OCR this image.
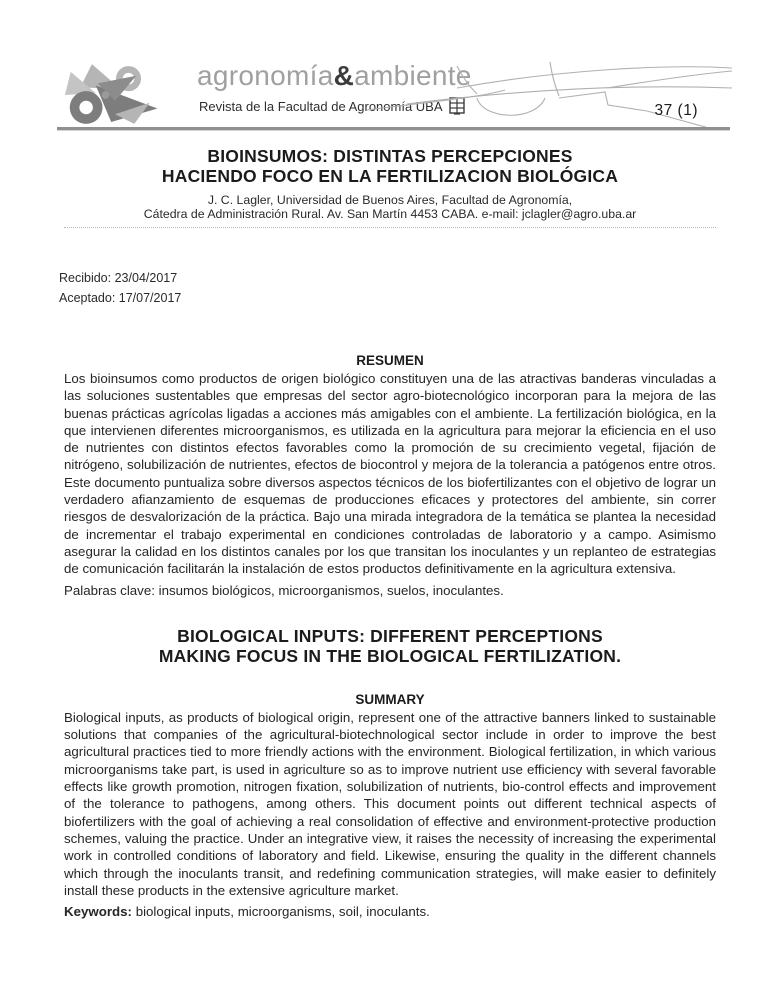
agronomía&ambiente
Revista de la Facultad de Agronomía UBA	37 (1)
BIOINSUMOS: DISTINTAS PERCEPCIONES
HACIENDO FOCO EN LA FERTILIZACION BIOLÓGICA
J. C. Lagler, Universidad de Buenos Aires, Facultad de Agronomía,
Cátedra de Administración Rural. Av. San Martín 4453 CABA. e-mail: jclagler@agro.uba.ar
Recibido: 23/04/2017
Aceptado: 17/07/2017
RESUMEN

Los bioinsumos como productos de origen biológico constituyen una de las atractivas banderas vinculadas a las soluciones sustentables que empresas del sector agro-biotecnológico incorporan para la mejora de las buenas prácticas agrícolas ligadas a acciones más amigables con el ambiente. La fertilización biológica, en la que intervienen diferentes microorganismos, es utilizada en la agricultura para mejorar la eficiencia en el uso de nutrientes con distintos efectos favorables como la promoción de su crecimiento vegetal, fijación de nitrógeno, solubilización de nutrientes, efectos de biocontrol y mejora de la tolerancia a patógenos entre otros. Este documento puntualiza sobre diversos aspectos técnicos de los biofertilizantes con el objetivo de lograr un verdadero afianzamiento de esquemas de producciones eficaces y protectores del ambiente, sin correr riesgos de desvalorización de la práctica. Bajo una mirada integradora de la temática se plantea la necesidad de incrementar el trabajo experimental en condiciones controladas de laboratorio y a campo. Asimismo asegurar la calidad en los distintos canales por los que transitan los inoculantes y un replanteo de estrategias de comunicación facilitarán la instalación de estos productos definitivamente en la agricultura extensiva.

Palabras clave: insumos biológicos, microorganismos, suelos, inoculantes.
BIOLOGICAL INPUTS: DIFFERENT PERCEPTIONS
MAKING FOCUS IN THE BIOLOGICAL FERTILIZATION.
SUMMARY

Biological inputs, as products of biological origin, represent one of the attractive banners linked to sustainable solutions that companies of the agricultural-biotechnological sector include in order to improve the best agricultural practices tied to more friendly actions with the environment. Biological fertilization, in which various microorganisms take part, is used in agriculture so as to improve nutrient use efficiency with several favorable effects like growth promotion, nitrogen fixation, solubilization of nutrients, bio-control effects and improvement of the tolerance to pathogens, among others. This document points out different technical aspects of biofertilizers with the goal of achieving a real consolidation of effective and environment-protective production schemes, valuing the practice. Under an integrative view, it raises the necessity of increasing the experimental work in controlled conditions of laboratory and field. Likewise, ensuring the quality in the different channels which through the inoculants transit, and redefining communication strategies, will make easier to definitely install these products in the extensive agriculture market.

Keywords: biological inputs, microorganisms, soil, inoculants.
